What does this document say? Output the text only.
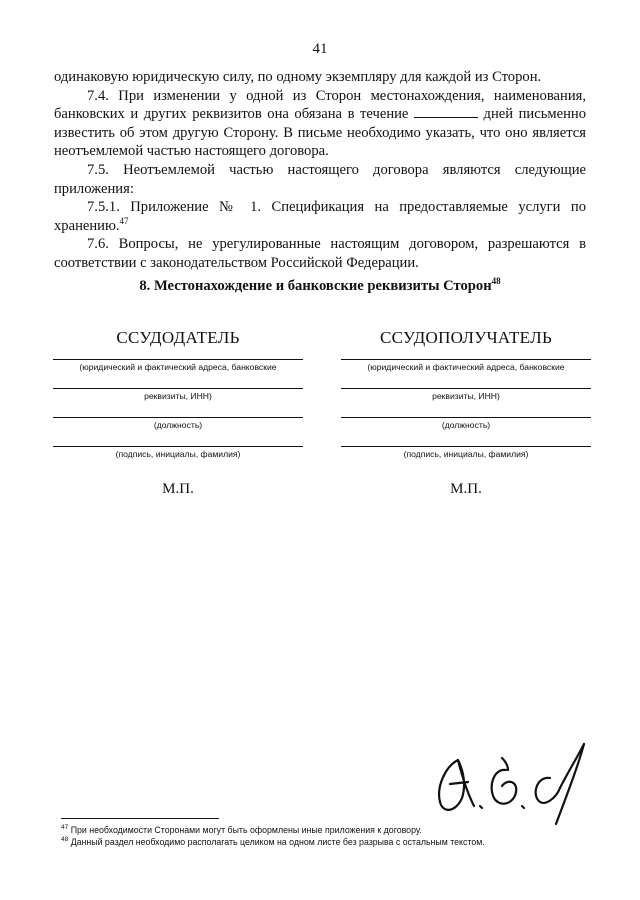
41

одинаковую юридическую силу, по одному экземпляру для каждой из Сторон.

7.4. При изменении у одной из Сторон местонахождения, наименования, банковских и других реквизитов она обязана в течение	дней письменно известить об этом другую Сторону. В письме необходимо указать, что оно является неотъемлемой частью настоящего договора.

7.5. Неотъемлемой частью настоящего договора являются следующие приложения:

7.5.1. Приложение № 1. Спецификация на предоставляемые услуги по хранению.$^{47}$

7.6. Вопросы, не урегулированные настоящим договором, разрешаются в соответствии с законодательством Российской Федерации.

8. Местонахождение и банковские реквизиты Сторон$^{48}$
ССУДОДАТЕЛЬ
(юридический и фактический адреса, банковские
реквизиты, ИНН)
(должность)
(подпись, инициалы, фамилия)
М.П.
ССУДОПОЛУЧАТЕЛЬ
(юридический и фактический адреса, банковские
реквизиты, ИНН)
(должность)
(подпись, инициалы, фамилия)
М.П.

$^{47}$ При необходимости Сторонами могут быть оформлены иные приложения к договору.

$^{48}$ Данный раздел необходимо располагать целиком на одном листе без разрыва с остальным текстом.
